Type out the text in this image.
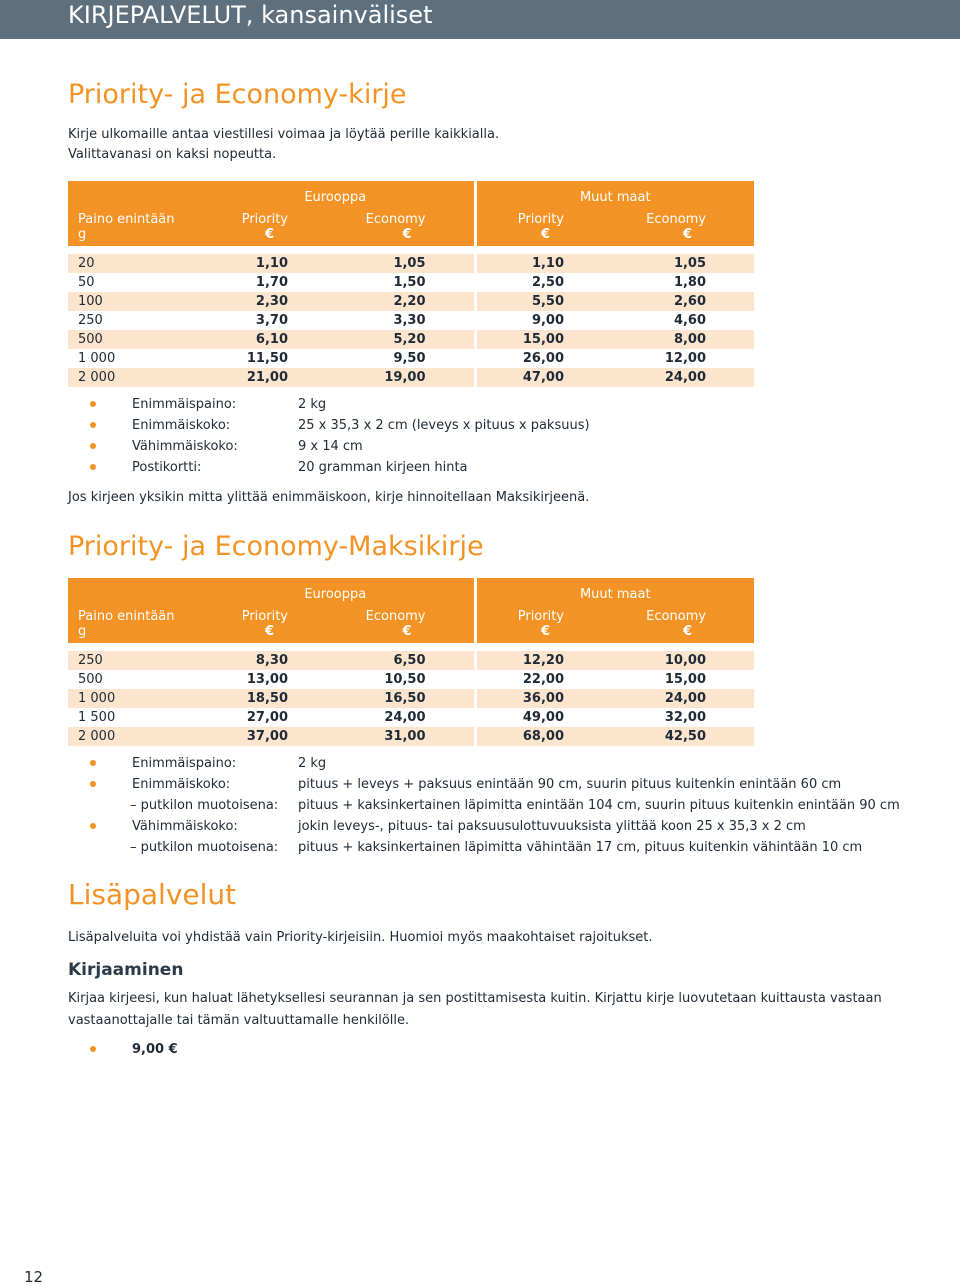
KIRJEPALVELUT, kansainväliset
Priority- ja Economy-kirje

Kirje ulkomaille antaa viestillesi voimaa ja löytää perille kaikkialla.

Valittavanasi on kaksi nopeutta.

	Eurooppa		Muut maat	
Paino enintään	Priority	Economy	Priority	Economy
g	€	€	€	€

20	1,10	1,05	1,10	1,05
50	1,70	1,50	2,50	1,80
100	2,30	2,20	5,50	2,60
250	3,70	3,30	9,00	4,60
500	6,10	5,20	15,00	8,00
1 000	11,50	9,50	26,00	12,00
2 000	21,00	19,00	47,00	24,00
Enimmäispaino:	2 kg
Enimmäiskoko:	25 x 35,3 x 2 cm (leveys x pituus x paksuus)
Vähimmäiskoko:	9 x 14 cm
Postikortti:	20 gramman kirjeen hinta

Jos kirjeen yksikin mitta ylittää enimmäiskoon, kirje hinnoitellaan Maksikirjeenä.

Priority- ja Economy-Maksikirje
	Eurooppa		Muut maat	
Paino enintään	Priority	Economy	Priority	Economy
g	€	€	€	€

250	8,30	6,50	12,20	10,00
500	13,00	10,50	22,00	15,00
1 000	18,50	16,50	36,00	24,00
1 500	27,00	24,00	49,00	32,00
2 000	37,00	31,00	68,00	42,50
Enimmäispaino:	2 kg
Enimmäiskoko:	pituus + leveys + paksuus enintään 90 cm, suurin pituus kuitenkin enintään 60 cm
– putkilon muotoisena: pituus + kaksinkertainen läpimitta enintään 104 cm, suurin pituus kuitenkin enintään 90 cm
Vähimmäiskoko:	jokin leveys-, pituus- tai paksuusulottuvuuksista ylittää koon 25 x 35,3 x 2 cm
– putkilon muotoisena: pituus + kaksinkertainen läpimitta vähintään 17 cm, pituus kuitenkin vähintään 10 cm
Lisäpalvelut

Lisäpalveluita voi yhdistää vain Priority-kirjeisiin. Huomioi myös maakohtaiset rajoitukset.

Kirjaaminen

Kirjaa kirjeesi, kun haluat lähetyksellesi seurannan ja sen postittamisesta kuitin. Kirjattu kirje luovutetaan kuittausta vastaan

vastaanottajalle tai tämän valtuuttamalle henkilölle.

9,00 €
12
